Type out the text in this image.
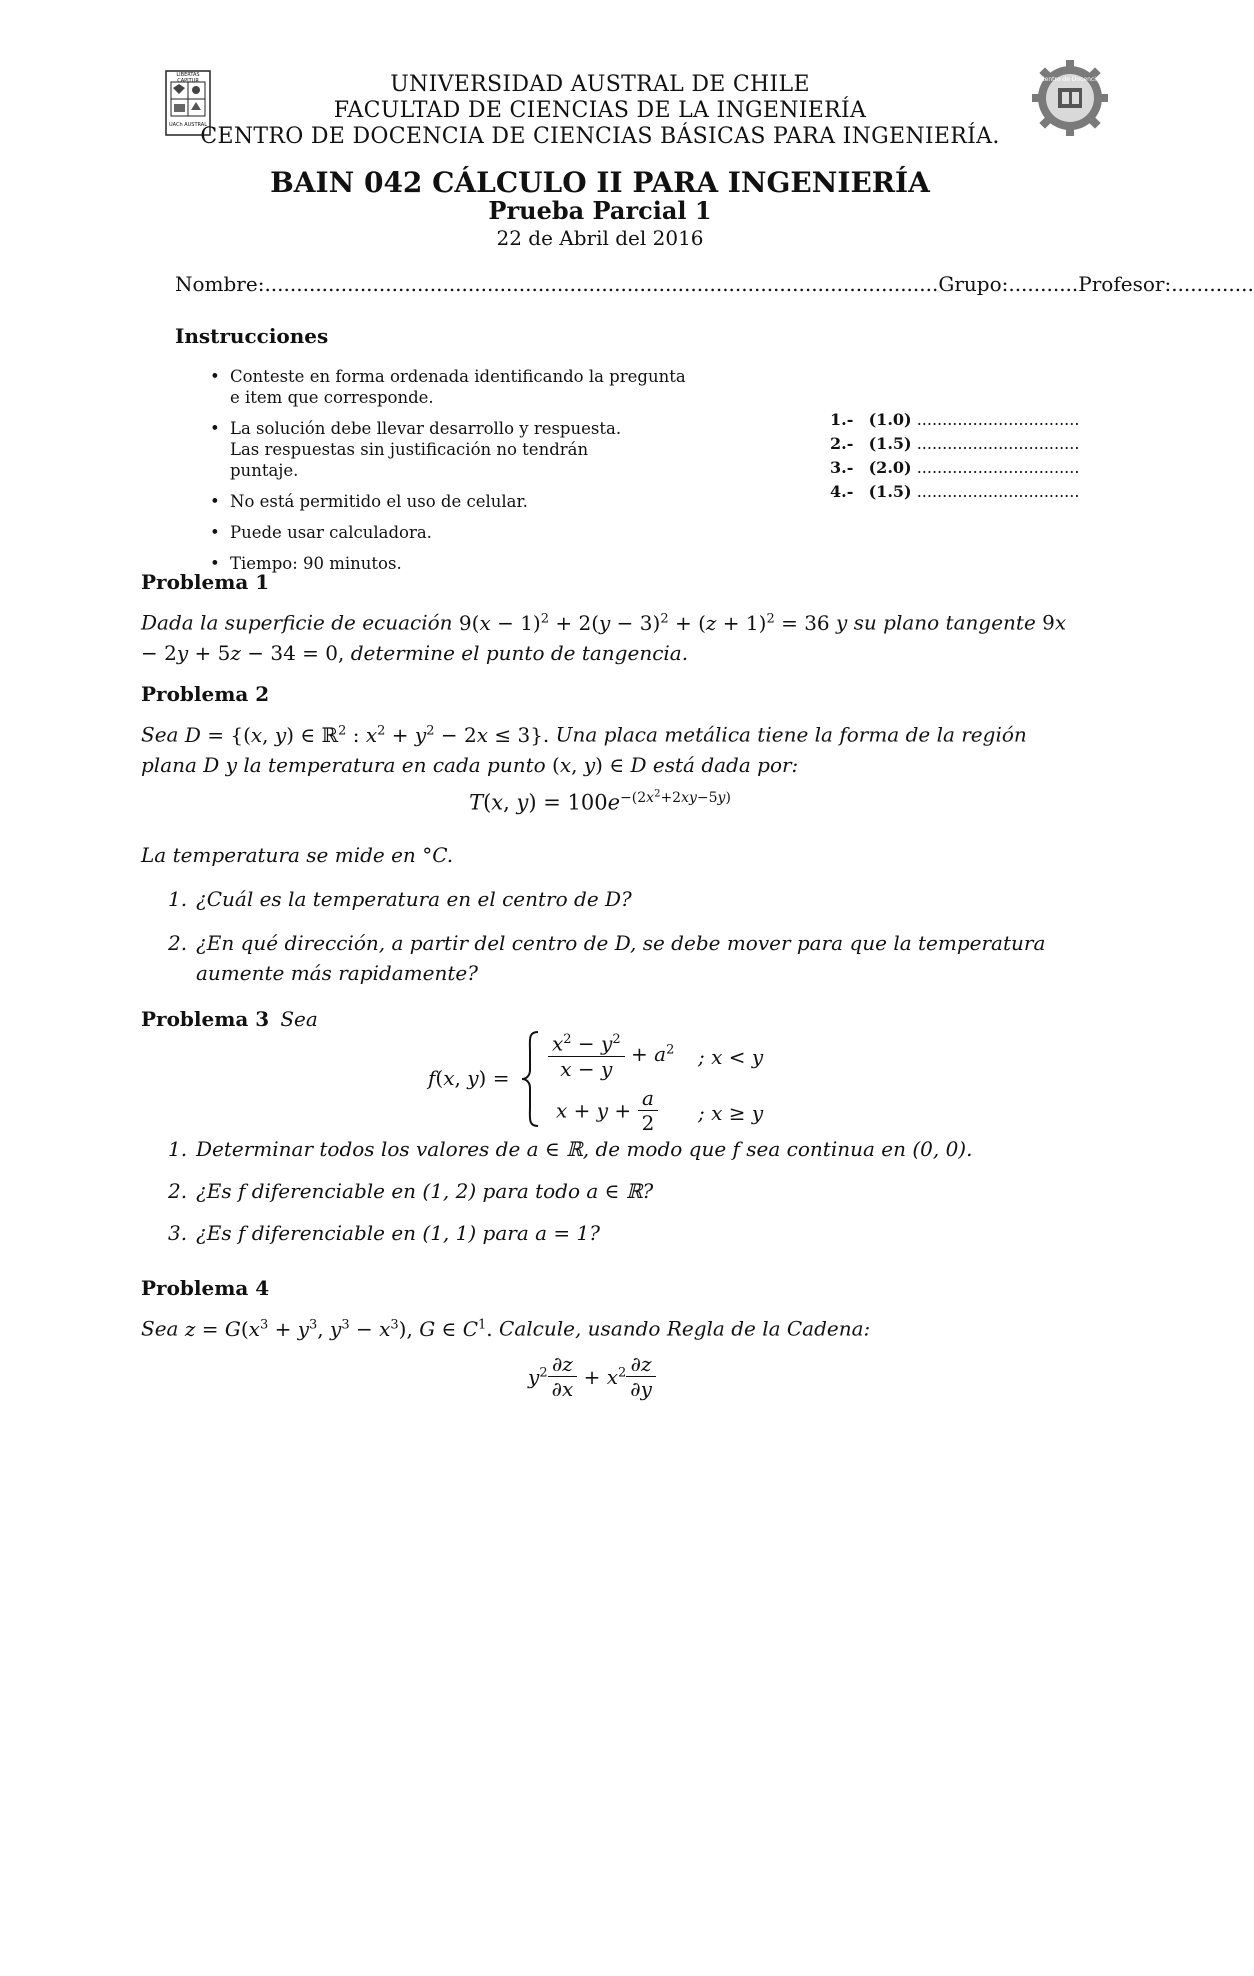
LIBERTAS CAPITUR
UACh AUSTRAL
Centro de Docencia
UNIVERSIDAD AUSTRAL DE CHILE
FACULTAD DE CIENCIAS DE LA INGENIERÍA
CENTRO DE DOCENCIA DE CIENCIAS BÁSICAS PARA INGENIERÍA.
BAIN 042 CÁLCULO II PARA INGENIERÍA
Prueba Parcial 1
22 de Abril del 2016
Nombre:..........................................................................................................Grupo:...........Profesor:.............
Instrucciones
• Conteste en forma ordenada identificando la pregunta e item que corresponde.
• La solución debe llevar desarrollo y respuesta. Las respuestas sin justificación no tendrán puntaje.
• No está permitido el uso de celular.
• Puede usar calculadora.
• Tiempo: 90 minutos.
1.- (1.0) ................................
2.- (1.5) ................................
3.- (2.0) ................................
4.- (1.5) ................................
Problema 1
Dada la superficie de ecuación $9(x - 1)^2 + 2(y - 3)^2 + (z + 1)^2 = 36$ y su plano tangente 9x − 2y + 5z − 34 = 0, determine el punto de tangencia.
Problema 2
Sea D = {(x, y) ∈ ℝ$^2$ : $x^2 + y^2 - 2x \le 3$}. Una placa metálica tiene la forma de la región plana D y la temperatura en cada punto (x, y) ∈ D está dada por:
T(x, $y) = 100e^{-(2x^2+2xy-5y)}$
La temperatura se mide en °C.
1. ¿Cuál es la temperatura en el centro de D?
2. ¿En qué dirección, a partir del centro de D, se debe mover para que la temperatura aumente más rapidamente?
Problema 3 Sea
f(x, $y) = \frac{x^2 - y^2}{x - y} + a^2$
$x + y + \frac{a}{2}$
; x < y
; x ≥ y
1. Determinar todos los valores de a ∈ ℝ, de modo que f sea continua en (0, 0).
2. ¿Es f diferenciable en (1, 2) para todo a ∈ ℝ?
3. ¿Es f diferenciable en (1, 1) para a = 1?
Problema 4
Sea $z = G(x^3 + y^3$, $y^3 - x^3$), G ∈ $C^1$. Calcule, usando Regla de la Cadena:
$y^2 \frac{\partial z}{\partial x} + x^2 \frac{\partial z}{\partial y}$
